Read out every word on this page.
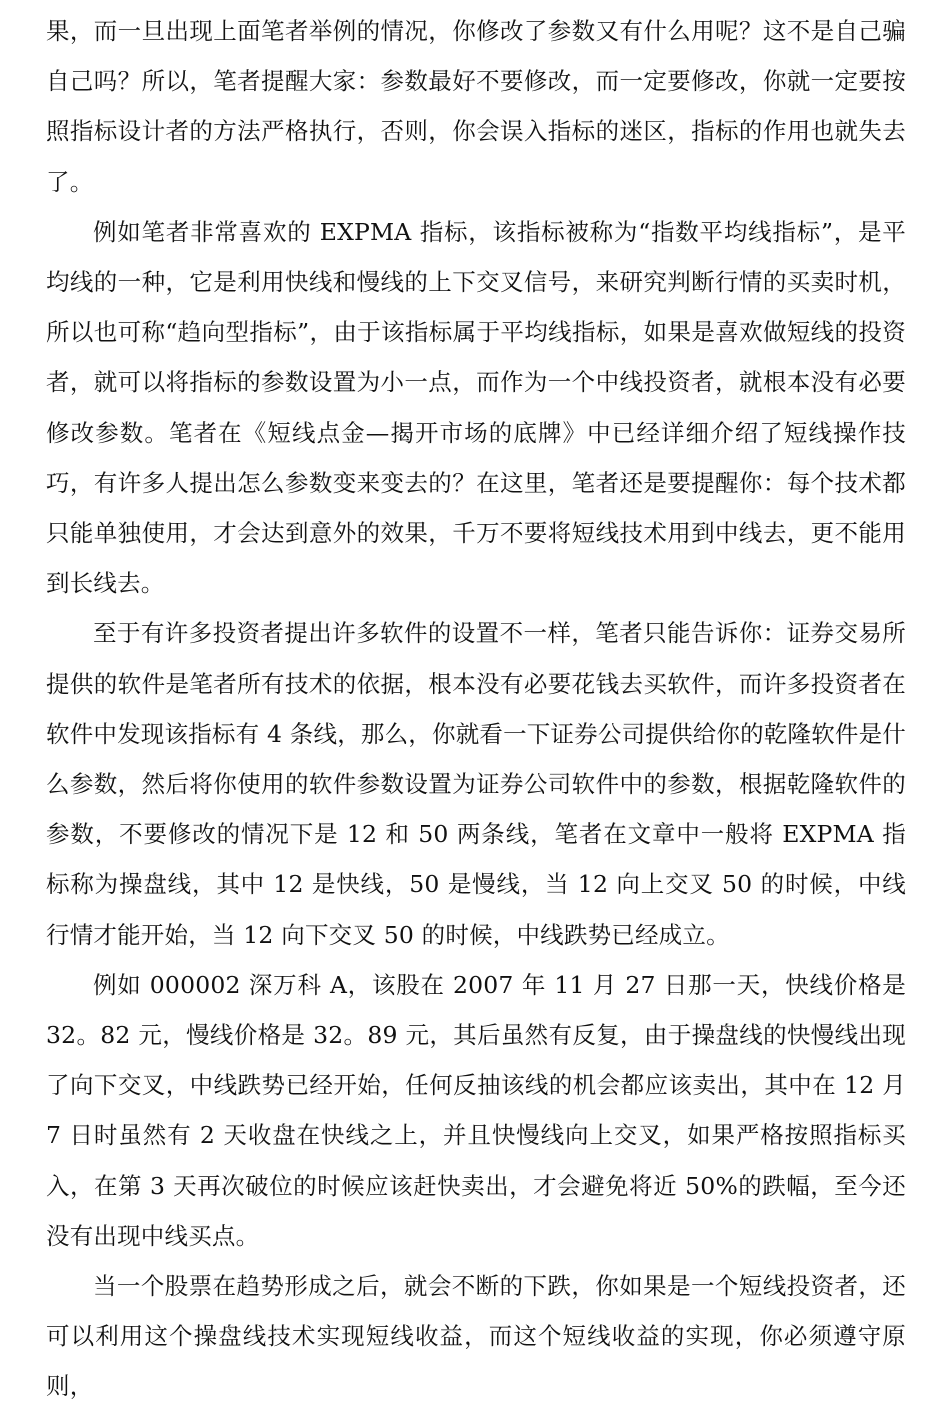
果，而一旦出现上面笔者举例的情况，你修改了参数又有什么用呢？这不是自己骗自己吗？所以，笔者提醒大家：参数最好不要修改，而一定要修改，你就一定要按照指标设计者的方法严格执行，否则，你会误入指标的迷区，指标的作用也就失去了。

例如笔者非常喜欢的 EXPMA 指标，该指标被称为“指数平均线指标”，是平均线的一种，它是利用快线和慢线的上下交叉信号，来研究判断行情的买卖时机，所以也可称“趋向型指标”，由于该指标属于平均线指标，如果是喜欢做短线的投资者，就可以将指标的参数设置为小一点，而作为一个中线投资者，就根本没有必要修改参数。笔者在《短线点金—揭开市场的底牌》中已经详细介绍了短线操作技巧，有许多人提出怎么参数变来变去的？在这里，笔者还是要提醒你：每个技术都只能单独使用，才会达到意外的效果，千万不要将短线技术用到中线去，更不能用到长线去。

至于有许多投资者提出许多软件的设置不一样，笔者只能告诉你：证券交易所提供的软件是笔者所有技术的依据，根本没有必要花钱去买软件，而许多投资者在软件中发现该指标有 4 条线，那么，你就看一下证券公司提供给你的乾隆软件是什么参数，然后将你使用的软件参数设置为证券公司软件中的参数，根据乾隆软件的参数，不要修改的情况下是 12 和 50 两条线，笔者在文章中一般将 EXPMA 指标称为操盘线，其中 12 是快线，50 是慢线，当 12 向上交叉 50 的时候，中线行情才能开始，当 12 向下交叉 50 的时候，中线跌势已经成立。

例如 000002 深万科 A，该股在 2007 年 11 月 27 日那一天，快线价格是 32。82 元，慢线价格是 32。89 元，其后虽然有反复，由于操盘线的快慢线出现了向下交叉，中线跌势已经开始，任何反抽该线的机会都应该卖出，其中在 12 月 7 日时虽然有 2 天收盘在快线之上，并且快慢线向上交叉，如果严格按照指标买入，在第 3 天再次破位的时候应该赶快卖出，才会避免将近 50%的跌幅，至今还没有出现中线买点。

当一个股票在趋势形成之后，就会不断的下跌，你如果是一个短线投资者，还可以利用这个操盘线技术实现短线收益，而这个短线收益的实现，你必须遵守原则，
